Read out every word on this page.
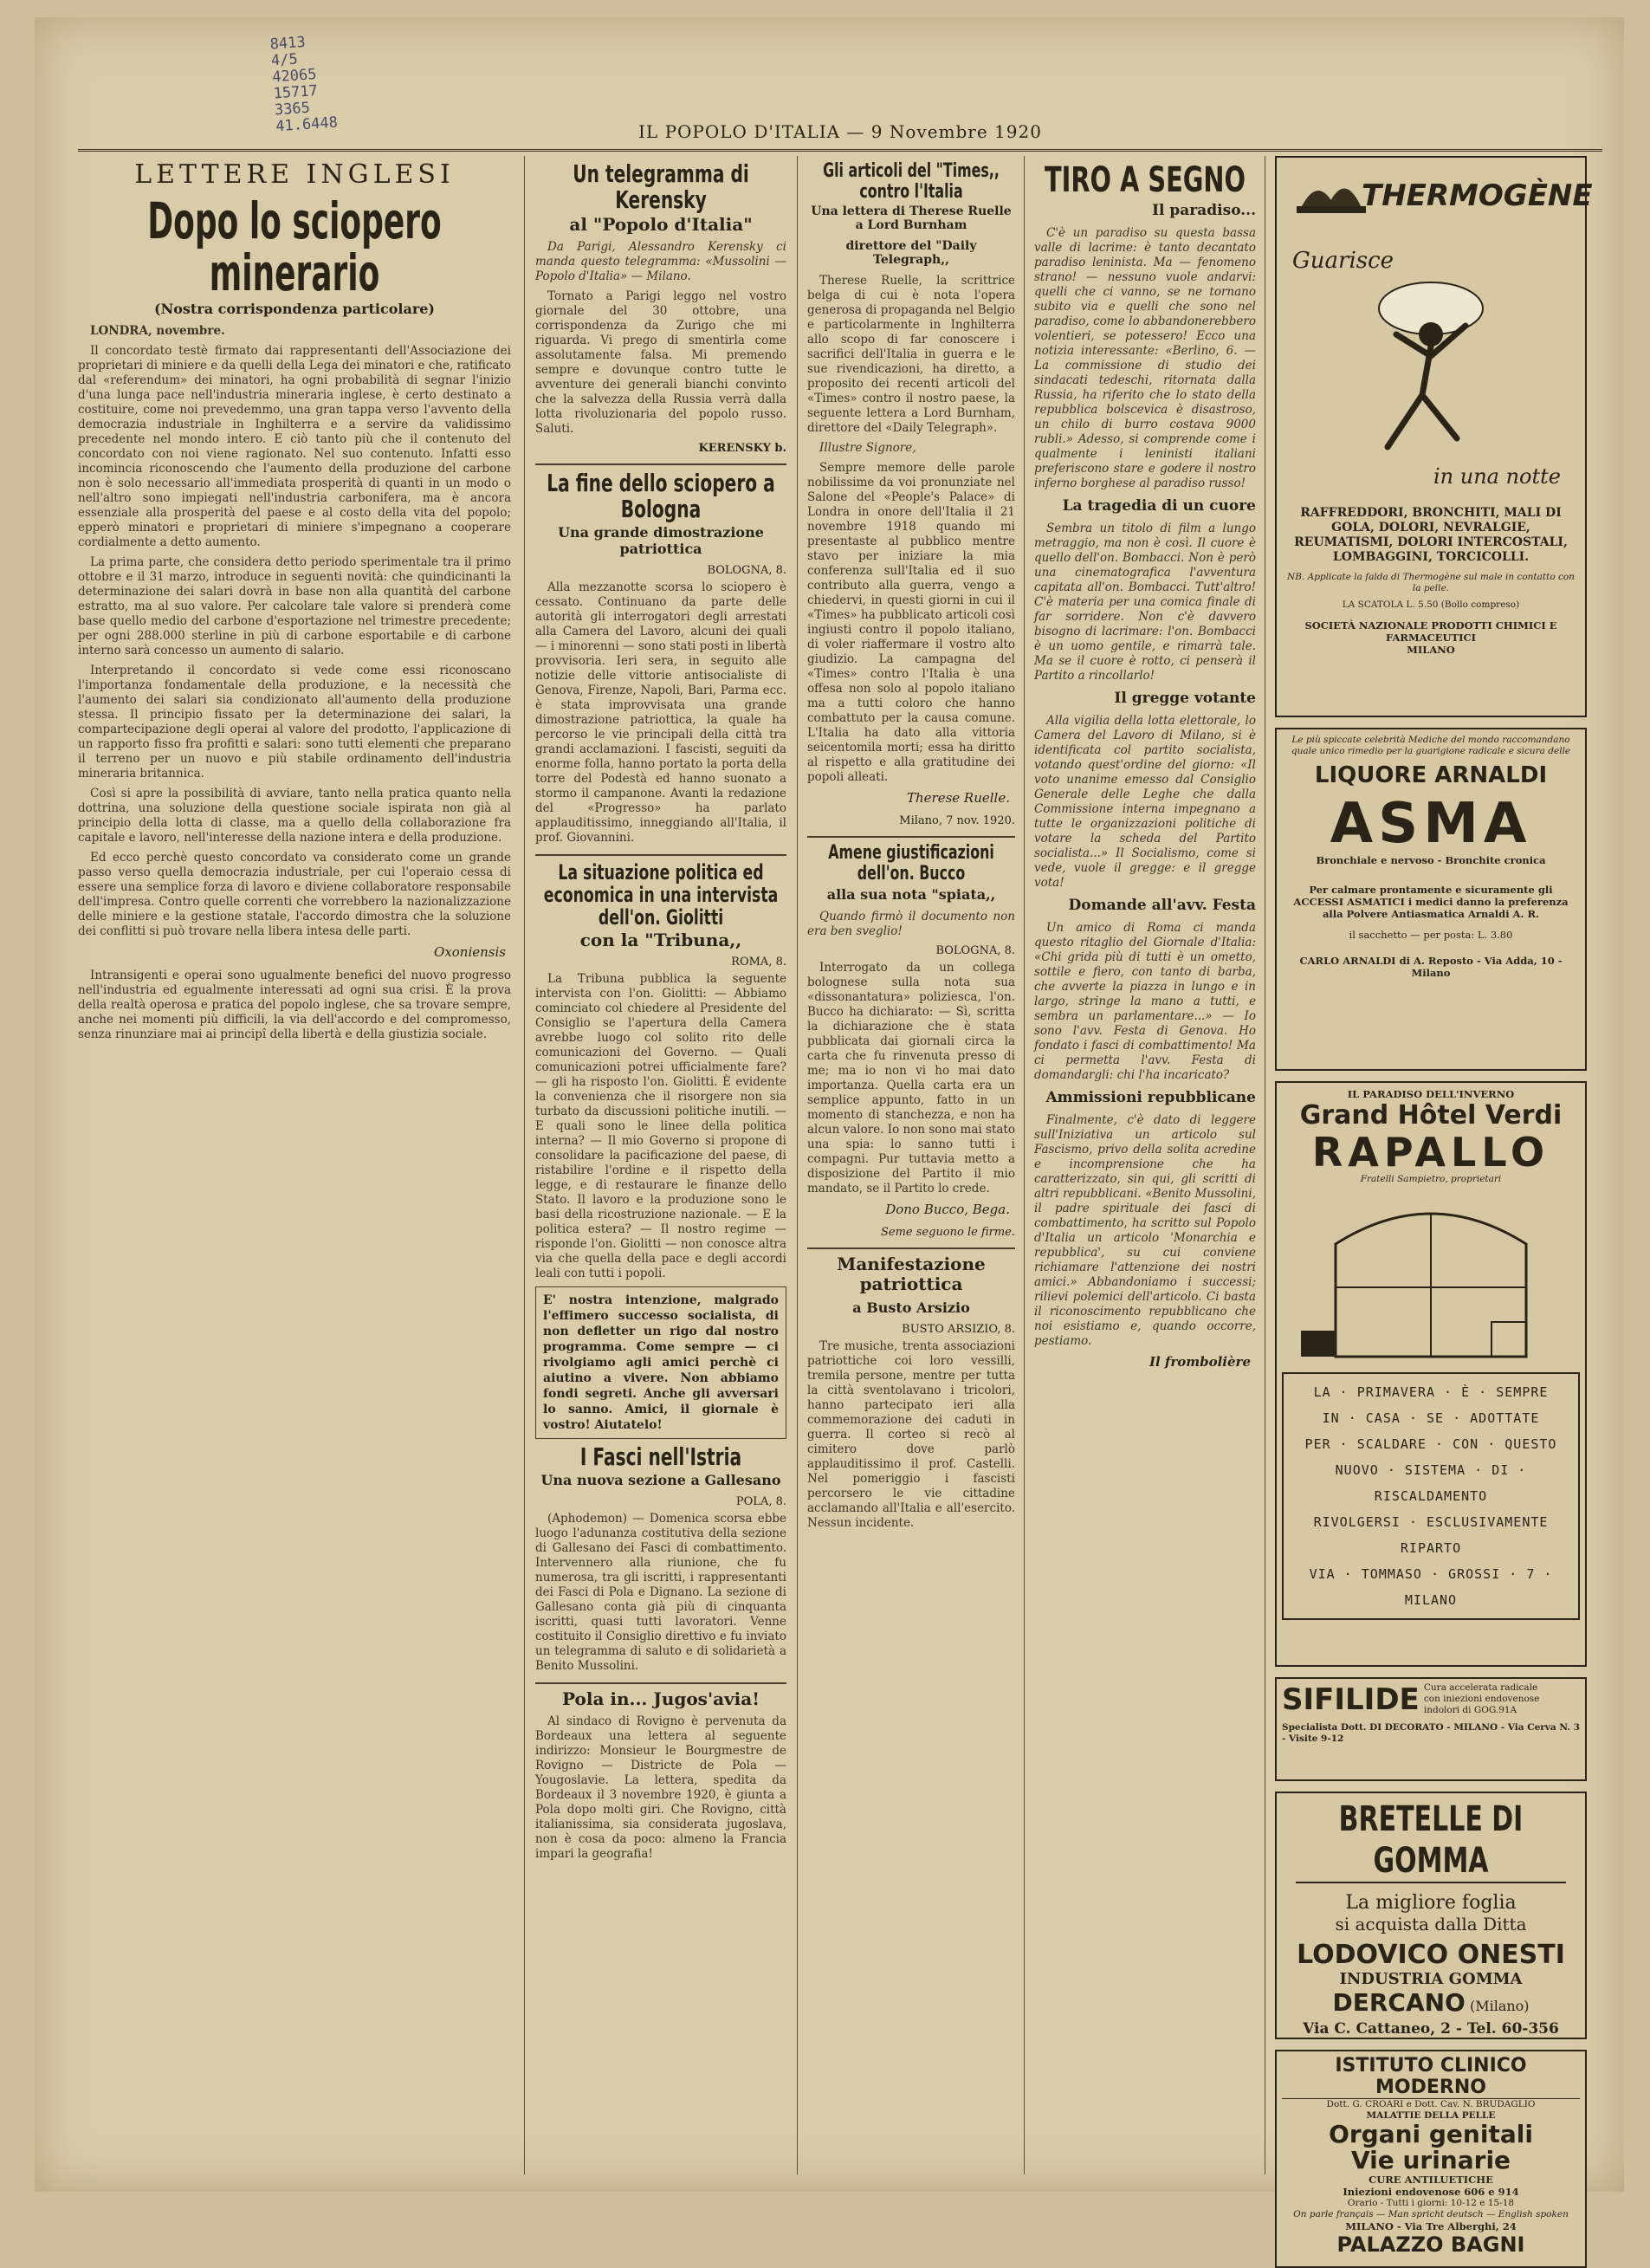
8413
4/5
42065
15717
3365
41.6448	IL POPOLO D'ITALIA — 9 Novembre 1920
LETTERE INGLESI
Dopo lo sciopero minerario
(Nostra corrispondenza particolare)

LONDRA, novembre.

Il concordato testè firmato dai rappresentanti dell'Associazione dei proprietari di miniere e da quelli della Lega dei minatori e che, ratificato dal «referendum» dei minatori, ha ogni probabilità di segnar l'inizio d'una lunga pace nell'industria mineraria inglese, è certo destinato a costituire, come noi prevedemmo, una gran tappa verso l'avvento della democrazia industriale in Inghilterra e a servire da validissimo precedente nel mondo intero. E ciò tanto più che il contenuto del concordato con noi viene ragionato. Nel suo contenuto. Infatti esso incomincia riconoscendo che l'aumento della produzione del carbone non è solo necessario all'immediata prosperità di quanti in un modo o nell'altro sono impiegati nell'industria carbonifera, ma è ancora essenziale alla prosperità del paese e al costo della vita del popolo; epperò minatori e proprietari di miniere s'impegnano a cooperare cordialmente a detto aumento.

La prima parte, che considera detto periodo sperimentale tra il primo ottobre e il 31 marzo, introduce in seguenti novità: che quindicinanti la determinazione dei salari dovrà in base non alla quantità del carbone estratto, ma al suo valore. Per calcolare tale valore si prenderà come base quello medio del carbone d'esportazione nel trimestre precedente; per ogni 288.000 sterline in più di carbone esportabile e di carbone interno sarà concesso un aumento di salario.

Interpretando il concordato si vede come essi riconoscano l'importanza fondamentale della produzione, e la necessità che l'aumento dei salari sia condizionato all'aumento della produzione stessa. Il principio fissato per la determinazione dei salari, la compartecipazione degli operai al valore del prodotto, l'applicazione di un rapporto fisso fra profitti e salari: sono tutti elementi che preparano il terreno per un nuovo e più stabile ordinamento dell'industria mineraria britannica.

Così si apre la possibilità di avviare, tanto nella pratica quanto nella dottrina, una soluzione della questione sociale ispirata non già al principio della lotta di classe, ma a quello della collaborazione fra capitale e lavoro, nell'interesse della nazione intera e della produzione.

Ed ecco perchè questo concordato va considerato come un grande passo verso quella democrazia industriale, per cui l'operaio cessa di essere una semplice forza di lavoro e diviene collaboratore responsabile dell'impresa. Contro quelle correnti che vorrebbero la nazionalizzazione delle miniere e la gestione statale, l'accordo dimostra che la soluzione dei conflitti si può trovare nella libera intesa delle parti.

Oxoniensis

Intransigenti e operai sono ugualmente benefici del nuovo progresso nell'industria ed egualmente interessati ad ogni sua crisi. È la prova della realtà operosa e pratica del popolo inglese, che sa trovare sempre, anche nei momenti più difficili, la via dell'accordo e del compromesso, senza rinunziare mai ai principî della libertà e della giustizia sociale.

Un telegramma di Kerensky
al "Popolo d'Italia"

Da Parigi, Alessandro Kerensky ci manda questo telegramma: «Mussolini — Popolo d'Italia» — Milano.

Tornato a Parigi leggo nel vostro giornale del 30 ottobre, una corrispondenza da Zurigo che mi riguarda. Vi prego di smentirla come assolutamente falsa. Mi premendo sempre e dovunque contro tutte le avventure dei generali bianchi convinto che la salvezza della Russia verrà dalla lotta rivoluzionaria del popolo russo. Saluti.

KERENSKY b.
La fine dello sciopero a Bologna
Una grande dimostrazione patriottica
BOLOGNA, 8.

Alla mezzanotte scorsa lo sciopero è cessato. Continuano da parte delle autorità gli interrogatori degli arrestati alla Camera del Lavoro, alcuni dei quali — i minorenni — sono stati posti in libertà provvisoria. Ieri sera, in seguito alle notizie delle vittorie antisocialiste di Genova, Firenze, Napoli, Bari, Parma ecc. è stata improvvisata una grande dimostrazione patriottica, la quale ha percorso le vie principali della città tra grandi acclamazioni. I fascisti, seguiti da enorme folla, hanno portato la porta della torre del Podestà ed hanno suonato a stormo il campanone. Avanti la redazione del «Progresso» ha parlato applauditissimo, inneggiando all'Italia, il prof. Giovannini.

La situazione politica ed economica in una intervista dell'on. Giolitti
con la "Tribuna,,
ROMA, 8.

La Tribuna pubblica la seguente intervista con l'on. Giolitti: — Abbiamo cominciato col chiedere al Presidente del Consiglio se l'apertura della Camera avrebbe luogo col solito rito delle comunicazioni del Governo. — Quali comunicazioni potrei ufficialmente fare? — gli ha risposto l'on. Giolitti. È evidente la convenienza che il risorgere non sia turbato da discussioni politiche inutili. — E quali sono le linee della politica interna? — Il mio Governo si propone di consolidare la pacificazione del paese, di ristabilire l'ordine e il rispetto della legge, e di restaurare le finanze dello Stato. Il lavoro e la produzione sono le basi della ricostruzione nazionale. — E la politica estera? — Il nostro regime — risponde l'on. Giolitti — non conosce altra via che quella della pace e degli accordi leali con tutti i popoli.

E' nostra intenzione, malgrado l'effimero successo socialista, di non defletter un rigo dal nostro programma. Come sempre — ci rivolgiamo agli amici perchè ci aiutino a vivere. Non abbiamo fondi segreti. Anche gli avversari lo sanno. Amici, il giornale è vostro! Aiutatelo!
I Fasci nell'Istria
Una nuova sezione a Gallesano
POLA, 8.

(Aphodemon) — Domenica scorsa ebbe luogo l'adunanza costitutiva della sezione di Gallesano dei Fasci di combattimento. Intervennero alla riunione, che fu numerosa, tra gli iscritti, i rappresentanti dei Fasci di Pola e Dignano. La sezione di Gallesano conta già più di cinquanta iscritti, quasi tutti lavoratori. Venne costituito il Consiglio direttivo e fu inviato un telegramma di saluto e di solidarietà a Benito Mussolini.

Pola in... Jugos'avia!

Al sindaco di Rovigno è pervenuta da Bordeaux una lettera al seguente indirizzo: Monsieur le Bourgmestre de Rovigno — Districte de Pola — Yougoslavie. La lettera, spedita da Bordeaux il 3 novembre 1920, è giunta a Pola dopo molti giri. Che Rovigno, città italianissima, sia considerata jugoslava, non è cosa da poco: almeno la Francia impari la geografia!

Gli articoli del "Times,, contro l'Italia
Una lettera di Therese Ruelle a Lord Burnham
direttore del "Daily Telegraph,,

Therese Ruelle, la scrittrice belga di cui è nota l'opera generosa di propaganda nel Belgio e particolarmente in Inghilterra allo scopo di far conoscere i sacrifici dell'Italia in guerra e le sue rivendicazioni, ha diretto, a proposito dei recenti articoli del «Times» contro il nostro paese, la seguente lettera a Lord Burnham, direttore del «Daily Telegraph».

Illustre Signore,

Sempre memore delle parole nobilissime da voi pronunziate nel Salone del «People's Palace» di Londra in onore dell'Italia il 21 novembre 1918 quando mi presentaste al pubblico mentre stavo per iniziare la mia conferenza sull'Italia ed il suo contributo alla guerra, vengo a chiedervi, in questi giorni in cui il «Times» ha pubblicato articoli così ingiusti contro il popolo italiano, di voler riaffermare il vostro alto giudizio. La campagna del «Times» contro l'Italia è una offesa non solo al popolo italiano ma a tutti coloro che hanno combattuto per la causa comune. L'Italia ha dato alla vittoria seicentomila morti; essa ha diritto al rispetto e alla gratitudine dei popoli alleati.

Therese Ruelle.
Milano, 7 nov. 1920.
Amene giustificazioni dell'on. Bucco
alla sua nota "spiata,,

Quando firmò il documento non era ben sveglio!

BOLOGNA, 8.

Interrogato da un collega bolognese sulla nota sua «dissonantatura» poliziesca, l'on. Bucco ha dichiarato: — Sì, scritta la dichiarazione che è stata pubblicata dai giornali circa la carta che fu rinvenuta presso di me; ma io non vi ho mai dato importanza. Quella carta era un semplice appunto, fatto in un momento di stanchezza, e non ha alcun valore. Io non sono mai stato una spia: lo sanno tutti i compagni. Pur tuttavia metto a disposizione del Partito il mio mandato, se il Partito lo crede.

Dono Bucco, Bega.
Seme seguono le firme.
Manifestazione patriottica
a Busto Arsizio
BUSTO ARSIZIO, 8.

Tre musiche, trenta associazioni patriottiche coi loro vessilli, tremila persone, mentre per tutta la città sventolavano i tricolori, hanno partecipato ieri alla commemorazione dei caduti in guerra. Il corteo si recò al cimitero dove parlò applauditissimo il prof. Castelli. Nel pomeriggio i fascisti percorsero le vie cittadine acclamando all'Italia e all'esercito. Nessun incidente.

TIRO A SEGNO
Il paradiso...

C'è un paradiso su questa bassa valle di lacrime: è tanto decantato paradiso leninista. Ma — fenomeno strano! — nessuno vuole andarvi: quelli che ci vanno, se ne tornano subito via e quelli che sono nel paradiso, come lo abbandonerebbero volentieri, se potessero! Ecco una notizia interessante: «Berlino, 6. — La commissione di studio dei sindacati tedeschi, ritornata dalla Russia, ha riferito che lo stato della repubblica bolscevica è disastroso, un chilo di burro costava 9000 rubli.» Adesso, si comprende come i qualmente i leninisti italiani preferiscono stare e godere il nostro inferno borghese al paradiso russo!

La tragedia di un cuore

Sembra un titolo di film a lungo metraggio, ma non è così. Il cuore è quello dell'on. Bombacci. Non è però una cinematografica l'avventura capitata all'on. Bombacci. Tutt'altro! C'è materia per una comica finale di far sorridere. Non c'è davvero bisogno di lacrimare: l'on. Bombacci è un uomo gentile, e rimarrà tale. Ma se il cuore è rotto, ci penserà il Partito a rincollarlo!

Il gregge votante

Alla vigilia della lotta elettorale, lo Camera del Lavoro di Milano, si è identificata col partito socialista, votando quest'ordine del giorno: «Il voto unanime emesso dal Consiglio Generale delle Leghe che dalla Commissione interna impegnano a tutte le organizzazioni politiche di votare la scheda del Partito socialista...» Il Socialismo, come si vede, vuole il gregge: e il gregge vota!

Domande all'avv. Festa

Un amico di Roma ci manda questo ritaglio del Giornale d'Italia: «Chi grida più di tutti è un ometto, sottile e fiero, con tanto di barba, che avverte la piazza in lungo e in largo, stringe la mano a tutti, e sembra un parlamentare...» — Io sono l'avv. Festa di Genova. Ho fondato i fasci di combattimento! Ma ci permetta l'avv. Festa di domandargli: chi l'ha incaricato?

Ammissioni repubblicane

Finalmente, c'è dato di leggere sull'Iniziativa un articolo sul Fascismo, privo della solita acredine e incomprensione che ha caratterizzato, sin qui, gli scritti di altri repubblicani. «Benito Mussolini, il padre spirituale dei fasci di combattimento, ha scritto sul Popolo d'Italia un articolo 'Monarchia e repubblica', su cui conviene richiamare l'attenzione dei nostri amici.» Abbandoniamo i successi; rilievi polemici dell'articolo. Ci basta il riconoscimento repubblicano che noi esistiamo e, quando occorre, pestiamo.

Il frombolière
THERMOGÈNE
Guarisce
in una notte
RAFFREDDORI, BRONCHITI, MALI DI GOLA, DOLORI, NEVRALGIE, REUMATISMI, DOLORI INTERCOSTALI, LOMBAGGINI, TORCICOLLI.
NB. Applicate la falda di Thermogène sul male in contatto con la pelle.
LA SCATOLA L. 5.50 (Bollo compreso)
SOCIETÀ NAZIONALE PRODOTTI CHIMICI E FARMACEUTICI
MILANO
Le più spiccate celebrità Mediche del mondo raccomandano quale unico rimedio per la guarigione radicale e sicura delle
LIQUORE ARNALDI
ASMA
Bronchiale e nervoso - Bronchite cronica
Per calmare prontamente e sicuramente gli ACCESSI ASMATICI i medici danno la preferenza alla Polvere Antiasmatica Arnaldi A. R.
il sacchetto — per posta: L. 3.80
CARLO ARNALDI di A. Reposto - Via Adda, 10 - Milano
IL PARADISO DELL'INVERNO
Grand Hôtel Verdi
RAPALLO
Fratelli Sampietro, proprietari
LA · PRIMAVERA · È · SEMPRE
IN · CASA · SE · ADOTTATE
PER · SCALDARE · CON · QUESTO
NUOVO · SISTEMA · DI · RISCALDAMENTO
RIVOLGERSI · ESCLUSIVAMENTE
RIPARTO
VIA · TOMMASO · GROSSI · 7 · MILANO
SIFILIDE Cura accelerata radicale con iniezioni endovenose indolori di GOG.91A
Specialista Dott. DI DECORATO - MILANO - Via Cerva N. 3 - Visite 9-12
BRETELLE DI GOMMA
La migliore foglia
si acquista dalla Ditta
LODOVICO ONESTI
INDUSTRIA GOMMA
DERCANO (Milano)
Via C. Cattaneo, 2 - Tel. 60-356
ISTITUTO CLINICO MODERNO
Dott. G. CROARI e Dott. Cav. N. BRUDAGLIO
MALATTIE DELLA PELLE
Organi genitali
Vie urinarie
CURE ANTILUETICHE
Iniezioni endovenose 606 e 914
Orario - Tutti i giorni: 10-12 e 15-18
On parle français — Man spricht deutsch — English spoken
MILANO - Via Tre Alberghi, 24
PALAZZO BAGNI
